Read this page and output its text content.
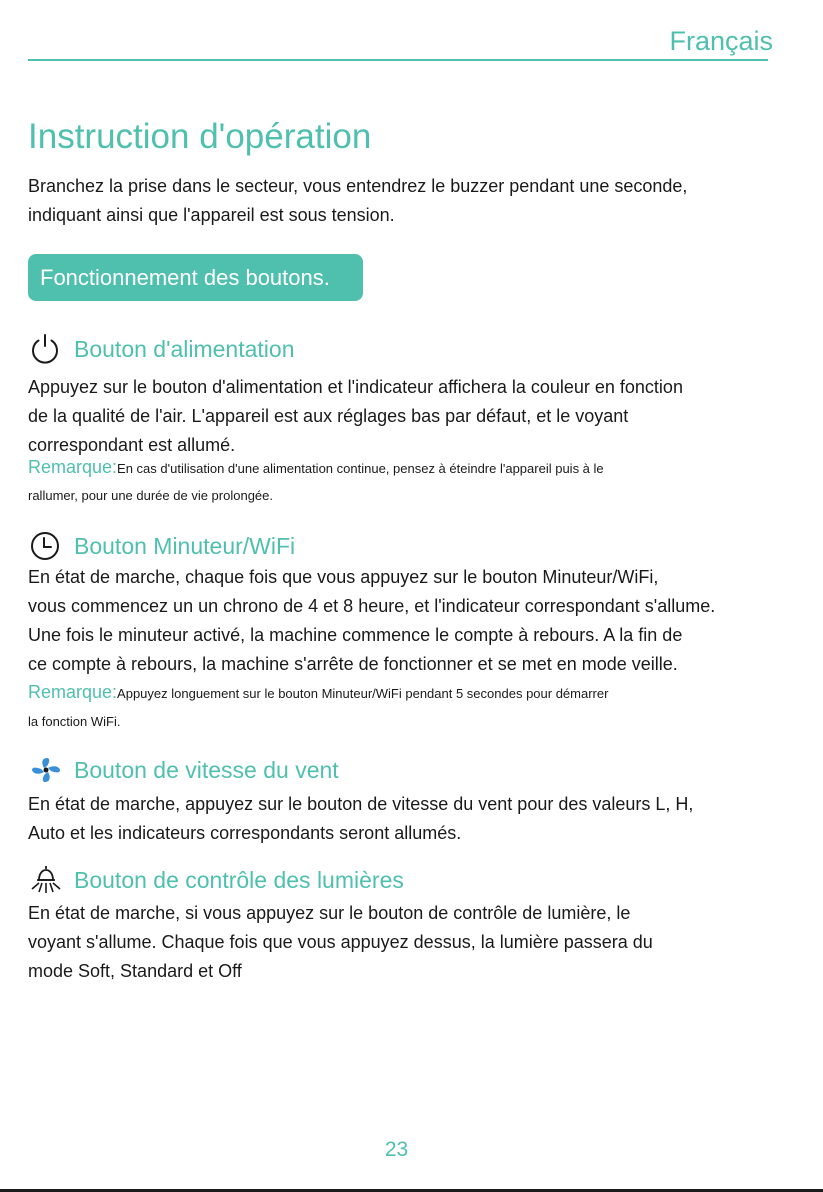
Français
Instruction d'opération
Branchez la prise dans le secteur, vous entendrez le buzzer pendant une seconde,
indiquant ainsi que l'appareil est sous tension.
Fonctionnement des boutons.
Bouton d'alimentation
Appuyez sur le bouton d'alimentation et l'indicateur affichera la couleur en fonction
de la qualité de l'air. L'appareil est aux réglages bas par défaut, et le voyant
correspondant est allumé.
Remarque:En cas d'utilisation d'une alimentation continue, pensez à éteindre l'appareil puis à le
rallumer, pour une durée de vie prolongée.
Bouton Minuteur/WiFi
En état de marche, chaque fois que vous appuyez sur le bouton Minuteur/WiFi,
vous commencez un un chrono de 4 et 8 heure, et l'indicateur correspondant s'allume.
Une fois le minuteur activé, la machine commence le compte à rebours. A la fin de
ce compte à rebours, la machine s'arrête de fonctionner et se met en mode veille.
Remarque:Appuyez longuement sur le bouton Minuteur/WiFi pendant 5 secondes pour démarrer
la fonction WiFi.
Bouton de vitesse du vent
En état de marche, appuyez sur le bouton de vitesse du vent pour des valeurs L, H,
Auto et les indicateurs correspondants seront allumés.
Bouton de contrôle des lumières
En état de marche, si vous appuyez sur le bouton de contrôle de lumière, le
voyant s'allume. Chaque fois que vous appuyez dessus, la lumière passera du
mode Soft, Standard et Off
23
